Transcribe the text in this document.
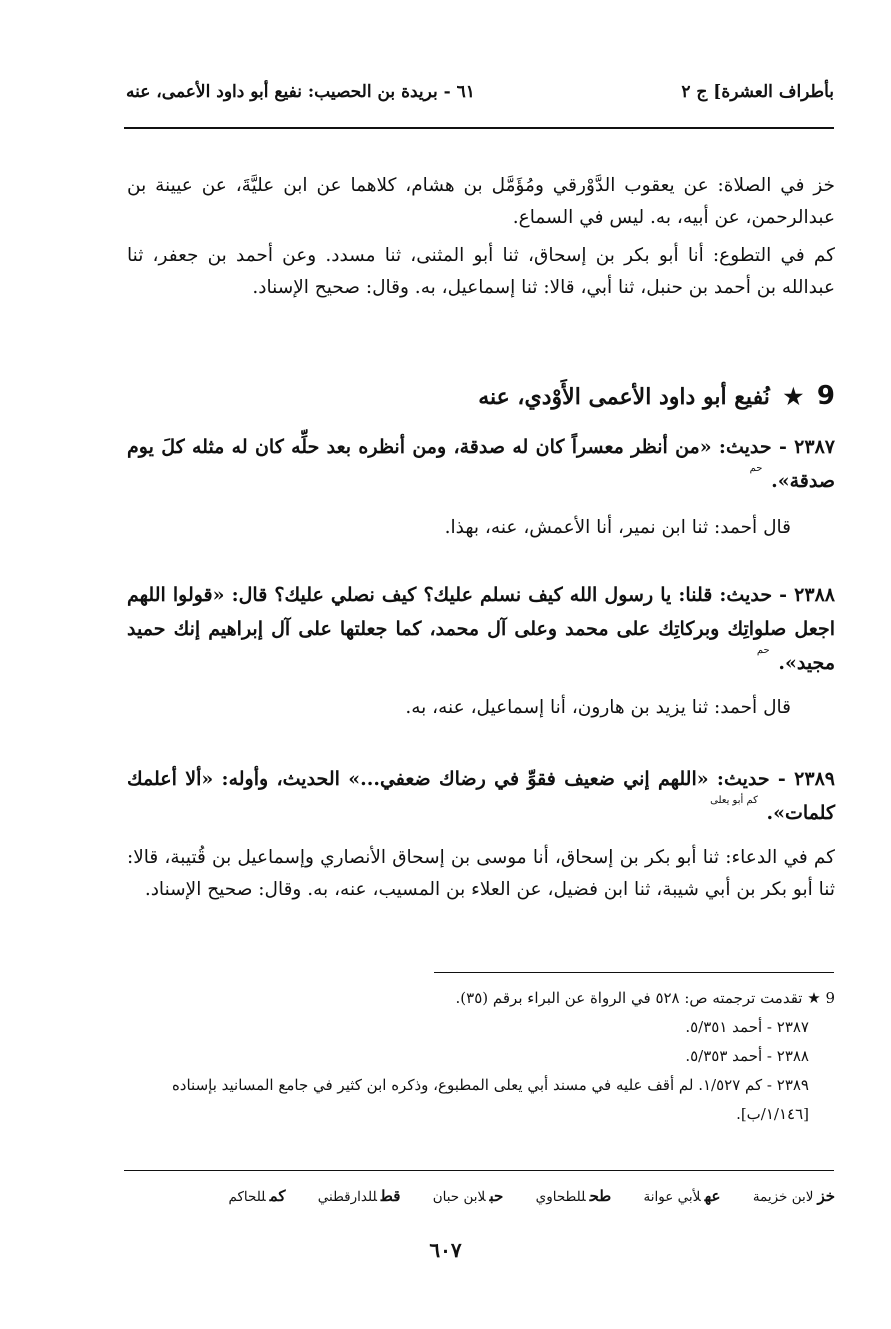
بأطراف العشرة] ج ٢
٦١ - بريدة بن الحصيب: نفيع أبو داود الأعمى، عنه

خز في الصلاة: عن يعقوب الدَّوْرقي ومُؤَمَّل بن هشام، كلاهما عن ابن عليَّةَ، عن عيينة بن عبدالرحمن، عن أبيه، به. ليس في السماع.

كم في التطوع: أنا أبو بكر بن إسحاق، ثنا أبو المثنى، ثنا مسدد. وعن أحمد بن جعفر، ثنا عبدالله بن أحمد بن حنبل، ثنا أبي، قالا: ثنا إسماعيل، به. وقال: صحيح الإسناد.

9 ★ نُفيع أبو داود الأعمى الأَوْدي، عنه

٢٣٨٧ - حديث: «من أنظر معسراً كان له صدقة، ومن أنظره بعد حلِّه كان له مثله كلَ يوم صدقة». $^{حم}$

قال أحمد: ثنا ابن نمير، أنا الأعمش، عنه، بهذا.

٢٣٨٨ - حديث: قلنا: يا رسول الله كيف نسلم عليك؟ كيف نصلي عليك؟ قال: «قولوا اللهم اجعل صلواتِك وبركاتِك على محمد وعلى آل محمد، كما جعلتها على آل إبراهيم إنك حميد مجيد». $^{حم}$

قال أحمد: ثنا يزيد بن هارون، أنا إسماعيل، عنه، به.

٢٣٨٩ - حديث: «اللهم إني ضعيف فقوِّ في رضاك ضعفي...» الحديث، وأوله: «ألا أعلمك كلمات». $^{كم أبو يعلى}$

كم في الدعاء: ثنا أبو بكر بن إسحاق، أنا موسى بن إسحاق الأنصاري وإسماعيل بن قُتيبة، قالا: ثنا أبو بكر بن أبي شيبة، ثنا ابن فضيل، عن العلاء بن المسيب، عنه، به. وقال: صحيح الإسناد.

9 ★ تقدمت ترجمته ص: ٥٢٨ في الرواة عن البراء برقم (٣٥).
٢٣٨٧ - أحمد ٥/٣٥١.
٢٣٨٨ - أحمد ٥/٣٥٣.
٢٣٨٩ - كم ١/٥٢٧. لم أقف عليه في مسند أبي يعلى المطبوع، وذكره ابن كثير في جامع المسانيد بإسناده [١/١٤٦/ب].
خزلابن خزيمة عهلأبي عوانة طحللطحاوي حبلابن حبان قطللدارقطني كمللحاكم
٦٠٧
